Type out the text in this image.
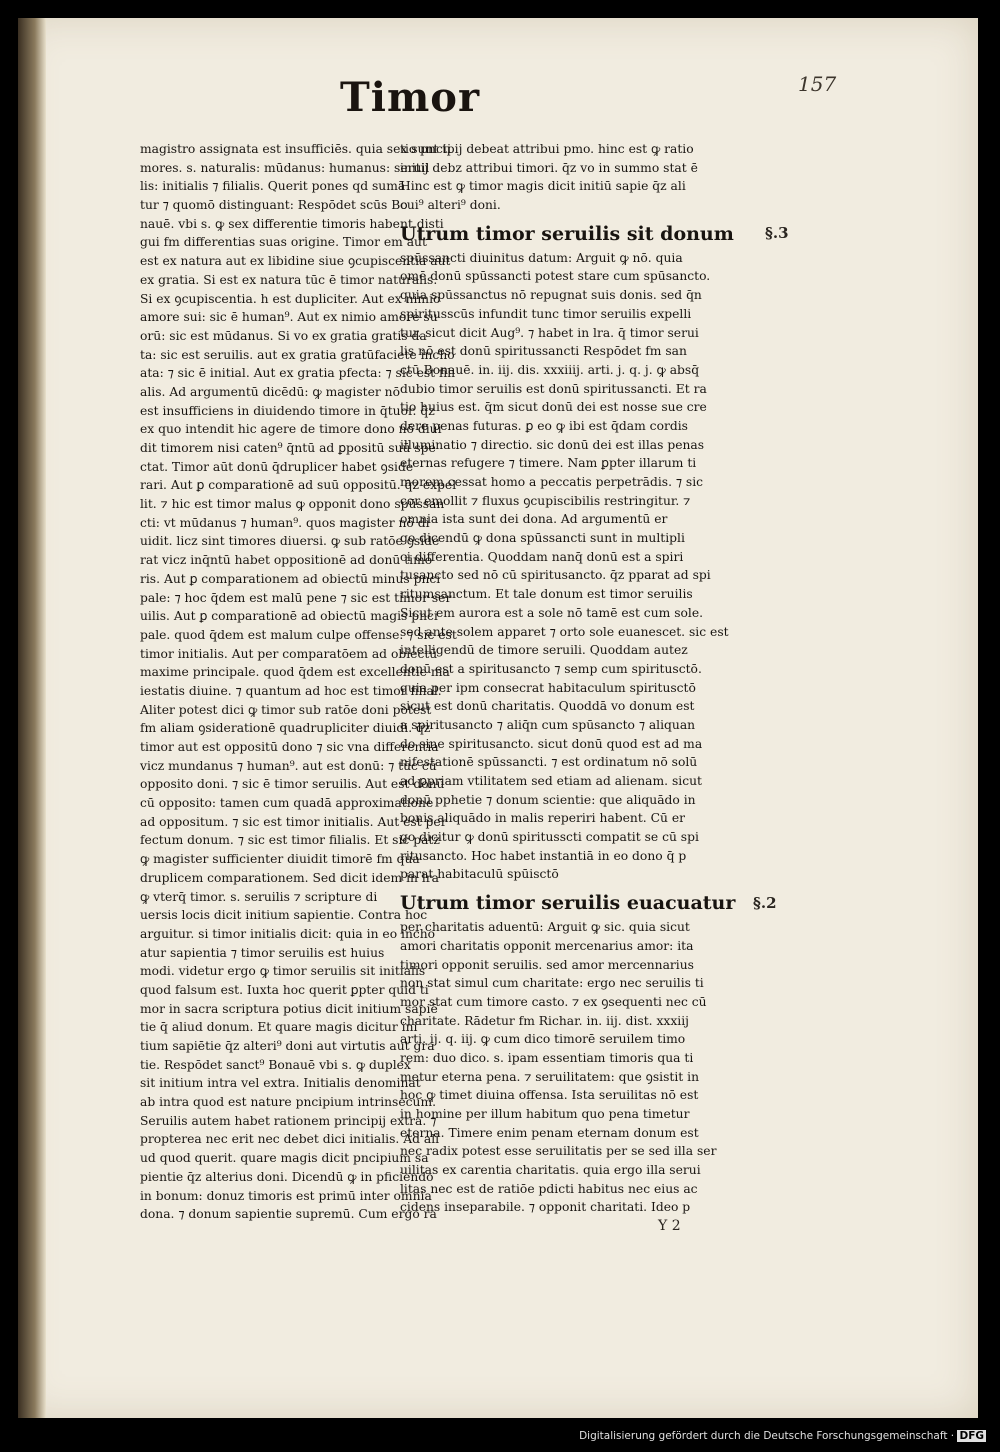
Timor	157
magistro assignata est insufficiēs. quia sex sunt ti
mores. s. naturalis: mūdanus: humanus: seruil
lis: initialis ⁊ filialis. Querit pones qd sumā
tur ⁊ quomō distinguant: Respōdet scūs Bo
nauē. vbi s. ꝙ sex differentie timoris habent disti
gui fm differentias suas origine. Timor em aut
est ex natura aut ex libidine siue ꝯcupiscentia aut
ex gratia. Si est ex natura tūc ē timor naturalis.
Si ex ꝯcupiscentia. h est dupliciter. Aut ex nimio
amore sui: sic ē human⁹. Aut ex nimio amore su
orū: sic est mūdanus. Si vo ex gratia gratis da
ta: sic est seruilis. aut ex gratia gratūfaciete incho
ata: ⁊ sic ē initial. Aut ex gratia pfecta: ⁊ sic est fili
alis. Ad argumentū dicēdū: ꝙ magister nō
est insufficiens in diuidendo timore in q̄tuor. q̄z
ex quo intendit hic agere de timore dono nō diui
dit timorem nisi caten⁹ q̄ntū ad ꝑpositū suū spe
ctat. Timor aūt donū q̄druplicer habet ꝯside
rari. Aut ꝑ comparationē ad suū oppositū. q̄z expel
lit. ⁊ hic est timor malus ꝙ opponit dono spūssan
cti: vt mūdanus ⁊ human⁹. quos magister nō di
uidit. licz sint timores diuersi. ꝙ sub ratōe ꝯside
rat vicz inq̄ntū habet oppositionē ad donū timo
ris. Aut ꝑ comparationem ad obiectū minus pnci
pale: ⁊ hoc q̄dem est malū pene ⁊ sic est timor ser
uilis. Aut ꝑ comparationē ad obiectū magis pnci
pale. quod q̄dem est malum culpe offense. ⁊ sic est
timor initialis. Aut per comparatōem ad obiectū
maxime principale. quod q̄dem est excellentie ma
iestatis diuine. ⁊ quantum ad hoc est timor filial.
Aliter potest dici ꝙ timor sub ratōe doni potest
fm aliam ꝯsiderationē quadrupliciter diuidi. q̄z
timor aut est oppositū dono ⁊ sic vna differentia
vicz mundanus ⁊ human⁹. aut est donū: ⁊ tūc cū
opposito doni. ⁊ sic ē timor seruilis. Aut est donū
cū opposito: tamen cum quadā approximatione
ad oppositum. ⁊ sic est timor initialis. Aut est per
fectum donum. ⁊ sic est timor filialis. Et sic patz
ꝙ magister sufficienter diuidit timorē fm qua
druplicem comparationem. Sed dicit idem in lra
ꝙ vterq̄ timor. s. seruilis ⁊ scripture di
uersis locis dicit initium sapientie. Contra hoc
arguitur. si timor initialis dicit: quia in eo incho
atur sapientia ⁊ timor seruilis est huius
modi. videtur ergo ꝙ timor seruilis sit initialis
quod falsum est. Iuxta hoc querit ꝑpter quid ti
mor in sacra scriptura potius dicit initium sapiē
tie q̄ aliud donum. Et quare magis dicitur ini
tium sapiētie q̄z alteri⁹ doni aut virtutis aut gra
tie. Respōdet sanct⁹ Bonauē vbi s. ꝙ duplex
sit initium intra vel extra. Initialis denominat
ab intra quod est nature pncipium intrinsecum.
Seruilis autem habet rationem principij extra. ⁊
propterea nec erit nec debet dici initialis. Ad ali
ud quod querit. quare magis dicit pncipium sa
pientie q̄z alterius doni. Dicendū ꝙ in pficiendo
in bonum: donuz timoris est primū inter omnia
dona. ⁊ donum sapientie supremū. Cum ergo ra
tio pncipij debeat attribui pmo. hinc est ꝙ ratio
initij debz attribui timori. q̄z vo in summo stat ē
Hinc est ꝙ timor magis dicit initiū sapie q̄z ali
cui⁹ alteri⁹ doni.
Utrum timor seruilis sit donum
spūssancti diuinitus datum: Arguit ꝙ nō. quia
omē donū spūssancti potest stare cum spūsancto.
quia spūssanctus nō repugnat suis donis. sed q̄n
spiritusscūs infundit tunc timor seruilis expelli
tur. sicut dicit Aug⁹. ⁊ habet in lra. q̄ timor serui
lis nō est donū spiritussancti Respōdet fm san
ctū Bonauē. in. iij. dis. xxxiiij. arti. j. q. j. ꝙ absq̄
dubio timor seruilis est donū spiritussancti. Et ra
tio huius est. q̄m sicut donū dei est nosse sue cre
dere penas futuras. ꝑ eo ꝙ ibi est q̄dam cordis
illuminatio ⁊ directio. sic donū dei est illas penas
eternas refugere ⁊ timere. Nam ꝑpter illarum ti
morem cessat homo a peccatis perpetrādis. ⁊ sic
cor emollit ⁊ fluxus ꝯcupiscibilis restringitur. ⁊
omnia ista sunt dei dona. Ad argumentū er
go dicendū ꝙ dona spūssancti sunt in multipli
ci differentia. Quoddam nanq̄ donū est a spiri
tusancto sed nō cū spiritusancto. q̄z pparat ad spi
ritumsanctum. Et tale donum est timor seruilis
Sicut em aurora est a sole nō tamē est cum sole.
sed ante solem apparet ⁊ orto sole euanescet. sic est
intelligendū de timore seruili. Quoddam autez
donū est a spiritusancto ⁊ semp cum spiritusctō.
quia per ipm consecrat habitaculum spiritusctō
sicut est donū charitatis. Quoddā vo donum est
a spiritusancto ⁊ aliq̄n cum spūsancto ⁊ aliquan
do sine spiritusancto. sicut donū quod est ad ma
nifestationē spūssancti. ⁊ est ordinatum nō solū
ad ꝑpriam vtilitatem sed etiam ad alienam. sicut
donū pphetie ⁊ donum scientie: que aliquādo in
bonis aliquādo in malis reperiri habent. Cū er
go dicitur ꝙ donū spiritusscti compatit se cū spi
ritusancto. Hoc habet instantiā in eo dono q̄ p
parat habitaculū spūisctō
Utrum timor seruilis euacuatur
per charitatis aduentū: Arguit ꝙ sic. quia sicut
amori charitatis opponit mercenarius amor: ita
timori opponit seruilis. sed amor mercennarius
non stat simul cum charitate: ergo nec seruilis ti
mor stat cum timore casto. ⁊ ex ꝯsequenti nec cū
charitate. Rādetur fm Richar. in. iij. dist. xxxiij
arti. ij. q. iij. ꝙ cum dico timorē seruilem timo
rem: duo dico. s. ipam essentiam timoris qua ti
metur eterna pena. ⁊ seruilitatem: que ꝯsistit in
hoc ꝙ timet diuina offensa. Ista seruilitas nō est
in homine per illum habitum quo pena timetur
eterna. Timere enim penam eternam donum est
nec radix potest esse seruilitatis per se sed illa ser
uilitas ex carentia charitatis. quia ergo illa serui
litas nec est de ratiōe pdicti habitus nec eius ac
cidens inseparabile. ⁊ opponit charitati. Ideo p
§.3
§.2
Y 2
Digitalisierung gefördert durch die Deutsche Forschungsgemeinschaft · DFG
